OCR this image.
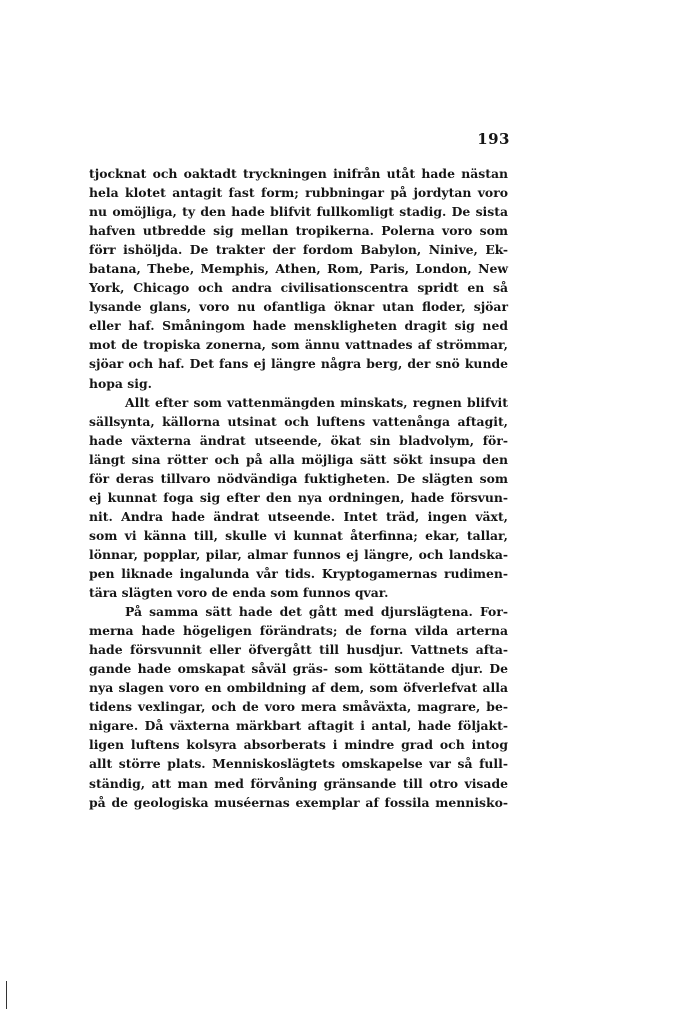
193
tjocknat och oaktadt tryckningen inifrån utåt hade nästan
hela klotet antagit fast form; rubbningar på jordytan voro
nu omöjliga, ty den hade blifvit fullkomligt stadig. De sista
hafven utbredde sig mellan tropikerna. Polerna voro som
förr ishöljda. De trakter der fordom Babylon, Ninive, Ek-
batana, Thebe, Memphis, Athen, Rom, Paris, London, New
York, Chicago och andra civilisationscentra spridt en så
lysande glans, voro nu ofantliga öknar utan floder, sjöar
eller haf. Småningom hade menskligheten dragit sig ned
mot de tropiska zonerna, som ännu vattnades af strömmar,
sjöar och haf. Det fans ej längre några berg, der snö kunde
hopa sig.
Allt efter som vattenmängden minskats, regnen blifvit
sällsynta, källorna utsinat och luftens vattenånga aftagit,
hade växterna ändrat utseende, ökat sin bladvolym, för-
längt sina rötter och på alla möjliga sätt sökt insupa den
för deras tillvaro nödvändiga fuktigheten. De slägten som
ej kunnat foga sig efter den nya ordningen, hade försvun-
nit. Andra hade ändrat utseende. Intet träd, ingen växt,
som vi känna till, skulle vi kunnat återfinna; ekar, tallar,
lönnar, popplar, pilar, almar funnos ej längre, och landska-
pen liknade ingalunda vår tids. Kryptogamernas rudimen-
tära slägten voro de enda som funnos qvar.
På samma sätt hade det gått med djurslägtena. For-
merna hade högeligen förändrats; de forna vilda arterna
hade försvunnit eller öfvergått till husdjur. Vattnets afta-
gande hade omskapat såväl gräs- som köttätande djur. De
nya slagen voro en ombildning af dem, som öfverlefvat alla
tidens vexlingar, och de voro mera småväxta, magrare, be-
nigare. Då växterna märkbart aftagit i antal, hade följakt-
ligen luftens kolsyra absorberats i mindre grad och intog
allt större plats. Menniskoslägtets omskapelse var så full-
ständig, att man med förvåning gränsande till otro visade
på de geologiska muséernas exemplar af fossila mennisko-
